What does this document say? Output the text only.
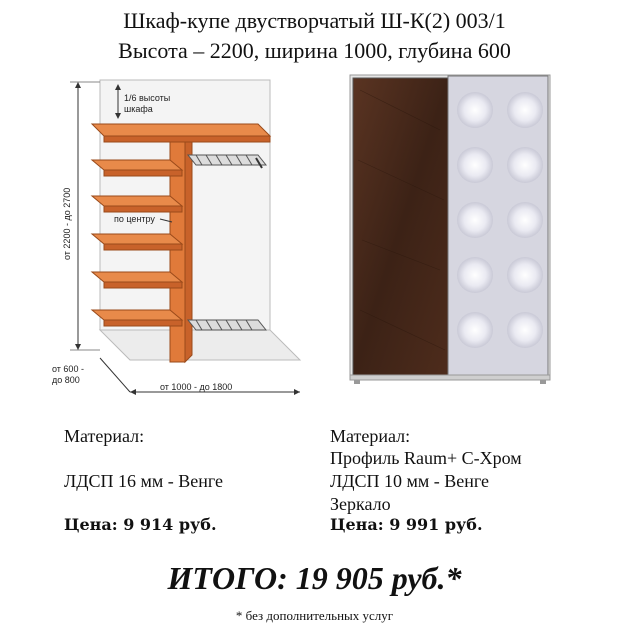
Шкаф-купе двустворчатый Ш-К(2) 003/1
Высота – 2200, ширина 1000, глубина 600
1/6 высоты
шкафа
по центру
от 2200 - до 2700
от 600 -
до 800
от 1000 - до 1800
Материал:
ЛДСП 16 мм - Венге
Цена: 9 914 руб.
Материал:
Профиль Raum+ С-Хром
ЛДСП 10 мм - Венге
Зеркало
Цена: 9 991 руб.
ИТОГО: 19 905 руб.*
* без дополнительных услуг
